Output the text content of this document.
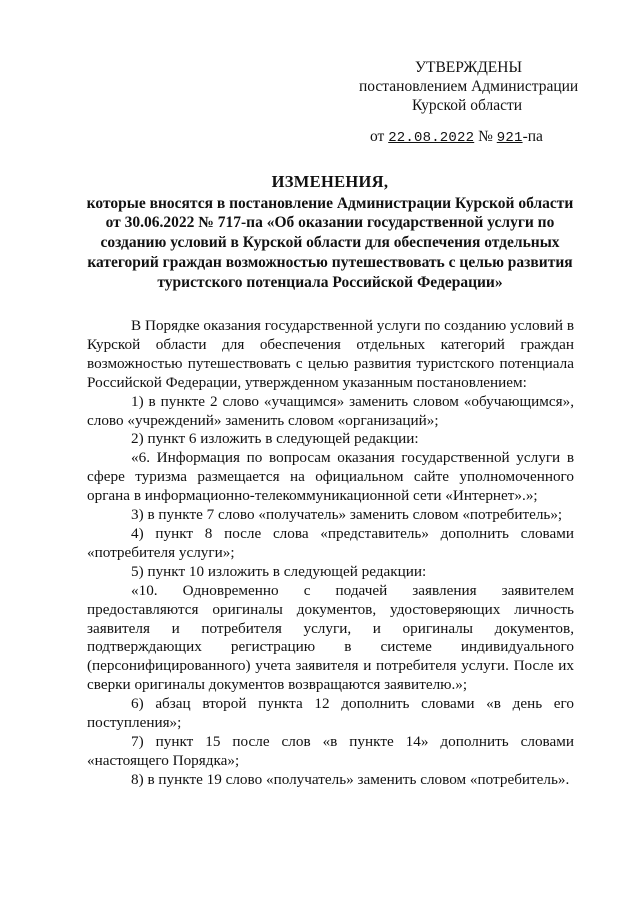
УТВЕРЖДЕНЫ
постановлением Администрации
Курской области
от 22.08.2022 № 921-па
ИЗМЕНЕНИЯ,
которые вносятся в постановление Администрации Курской области
от 30.06.2022 № 717-па «Об оказании государственной услуги по
созданию условий в Курской области для обеспечения отдельных
категорий граждан возможностью путешествовать с целью развития
туристского потенциала Российской Федерации»

В Порядке оказания государственной услуги по созданию условий в Курской области для обеспечения отдельных категорий граждан возможностью путешествовать с целью развития туристского потенциала Российской Федерации, утвержденном указанным постановлением:

1) в пункте 2 слово «учащимся» заменить словом «обучающимся», слово «учреждений» заменить словом «организаций»;

2) пункт 6 изложить в следующей редакции:

«6. Информация по вопросам оказания государственной услуги в сфере туризма размещается на официальном сайте уполномоченного органа в информационно-телекоммуникационной сети «Интернет».»;

3) в пункте 7 слово «получатель» заменить словом «потребитель»;

4) пункт 8 после слова «представитель» дополнить словами «потребителя услуги»;

5) пункт 10 изложить в следующей редакции:

«10. Одновременно с подачей заявления заявителем предоставляются оригиналы документов, удостоверяющих личность заявителя и потребителя услуги, и оригиналы документов, подтверждающих регистрацию в системе индивидуального (персонифицированного) учета заявителя и потребителя услуги. После их сверки оригиналы документов возвращаются заявителю.»;

6) абзац второй пункта 12 дополнить словами «в день его поступления»;

7) пункт 15 после слов «в пункте 14» дополнить словами «настоящего Порядка»;

8) в пункте 19 слово «получатель» заменить словом «потребитель».
